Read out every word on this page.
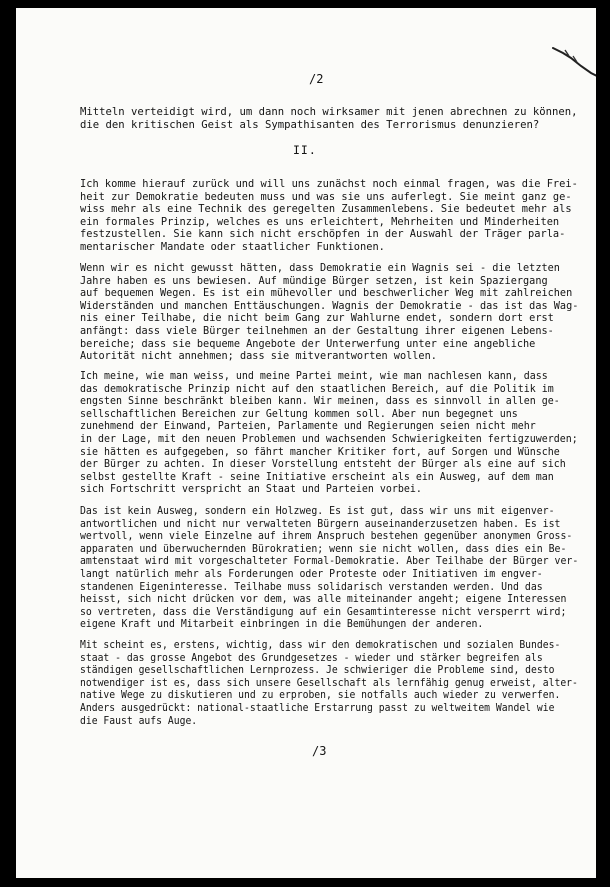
/2
Mitteln verteidigt wird, um dann noch wirksamer mit jenen abrechnen zu können,
die den kritischen Geist als Sympathisanten des Terrorismus denunzieren?
II.
Ich komme hierauf zurück und will uns zunächst noch einmal fragen, was die Frei-
heit zur Demokratie bedeuten muss und was sie uns auferlegt. Sie meint ganz ge-
wiss mehr als eine Technik des geregelten Zusammenlebens. Sie bedeutet mehr als
ein formales Prinzip, welches es uns erleichtert, Mehrheiten und Minderheiten
festzustellen. Sie kann sich nicht erschöpfen in der Auswahl der Träger parla-
mentarischer Mandate oder staatlicher Funktionen.
Wenn wir es nicht gewusst hätten, dass Demokratie ein Wagnis sei - die letzten
Jahre haben es uns bewiesen. Auf mündige Bürger setzen, ist kein Spaziergang
auf bequemen Wegen. Es ist ein mühevoller und beschwerlicher Weg mit zahlreichen
Widerständen und manchen Enttäuschungen. Wagnis der Demokratie - das ist das Wag-
nis einer Teilhabe, die nicht beim Gang zur Wahlurne endet, sondern dort erst
anfängt: dass viele Bürger teilnehmen an der Gestaltung ihrer eigenen Lebens-
bereiche; dass sie bequeme Angebote der Unterwerfung unter eine angebliche
Autorität nicht annehmen; dass sie mitverantworten wollen.
Ich meine, wie man weiss, und meine Partei meint, wie man nachlesen kann, dass
das demokratische Prinzip nicht auf den staatlichen Bereich, auf die Politik im
engsten Sinne beschränkt bleiben kann. Wir meinen, dass es sinnvoll in allen ge-
sellschaftlichen Bereichen zur Geltung kommen soll. Aber nun begegnet uns
zunehmend der Einwand, Parteien, Parlamente und Regierungen seien nicht mehr
in der Lage, mit den neuen Problemen und wachsenden Schwierigkeiten fertigzuwerden;
sie hätten es aufgegeben, so fährt mancher Kritiker fort, auf Sorgen und Wünsche
der Bürger zu achten. In dieser Vorstellung entsteht der Bürger als eine auf sich
selbst gestellte Kraft - seine Initiative erscheint als ein Ausweg, auf dem man
sich Fortschritt verspricht an Staat und Parteien vorbei.
Das ist kein Ausweg, sondern ein Holzweg. Es ist gut, dass wir uns mit eigenver-
antwortlichen und nicht nur verwalteten Bürgern auseinanderzusetzen haben. Es ist
wertvoll, wenn viele Einzelne auf ihrem Anspruch bestehen gegenüber anonymen Gross-
apparaten und überwuchernden Bürokratien; wenn sie nicht wollen, dass dies ein Be-
amtenstaat wird mit vorgeschalteter Formal-Demokratie. Aber Teilhabe der Bürger ver-
langt natürlich mehr als Forderungen oder Proteste oder Initiativen im engver-
standenen Eigeninteresse. Teilhabe muss solidarisch verstanden werden. Und das
heisst, sich nicht drücken vor dem, was alle miteinander angeht; eigene Interessen
so vertreten, dass die Verständigung auf ein Gesamtinteresse nicht versperrt wird;
eigene Kraft und Mitarbeit einbringen in die Bemühungen der anderen.
Mit scheint es, erstens, wichtig, dass wir den demokratischen und sozialen Bundes-
staat - das grosse Angebot des Grundgesetzes - wieder und stärker begreifen als
ständigen gesellschaftlichen Lernprozess. Je schwieriger die Probleme sind, desto
notwendiger ist es, dass sich unsere Gesellschaft als lernfähig genug erweist, alter-
native Wege zu diskutieren und zu erproben, sie notfalls auch wieder zu verwerfen.
Anders ausgedrückt: national-staatliche Erstarrung passt zu weltweitem Wandel wie
die Faust aufs Auge.
/3
